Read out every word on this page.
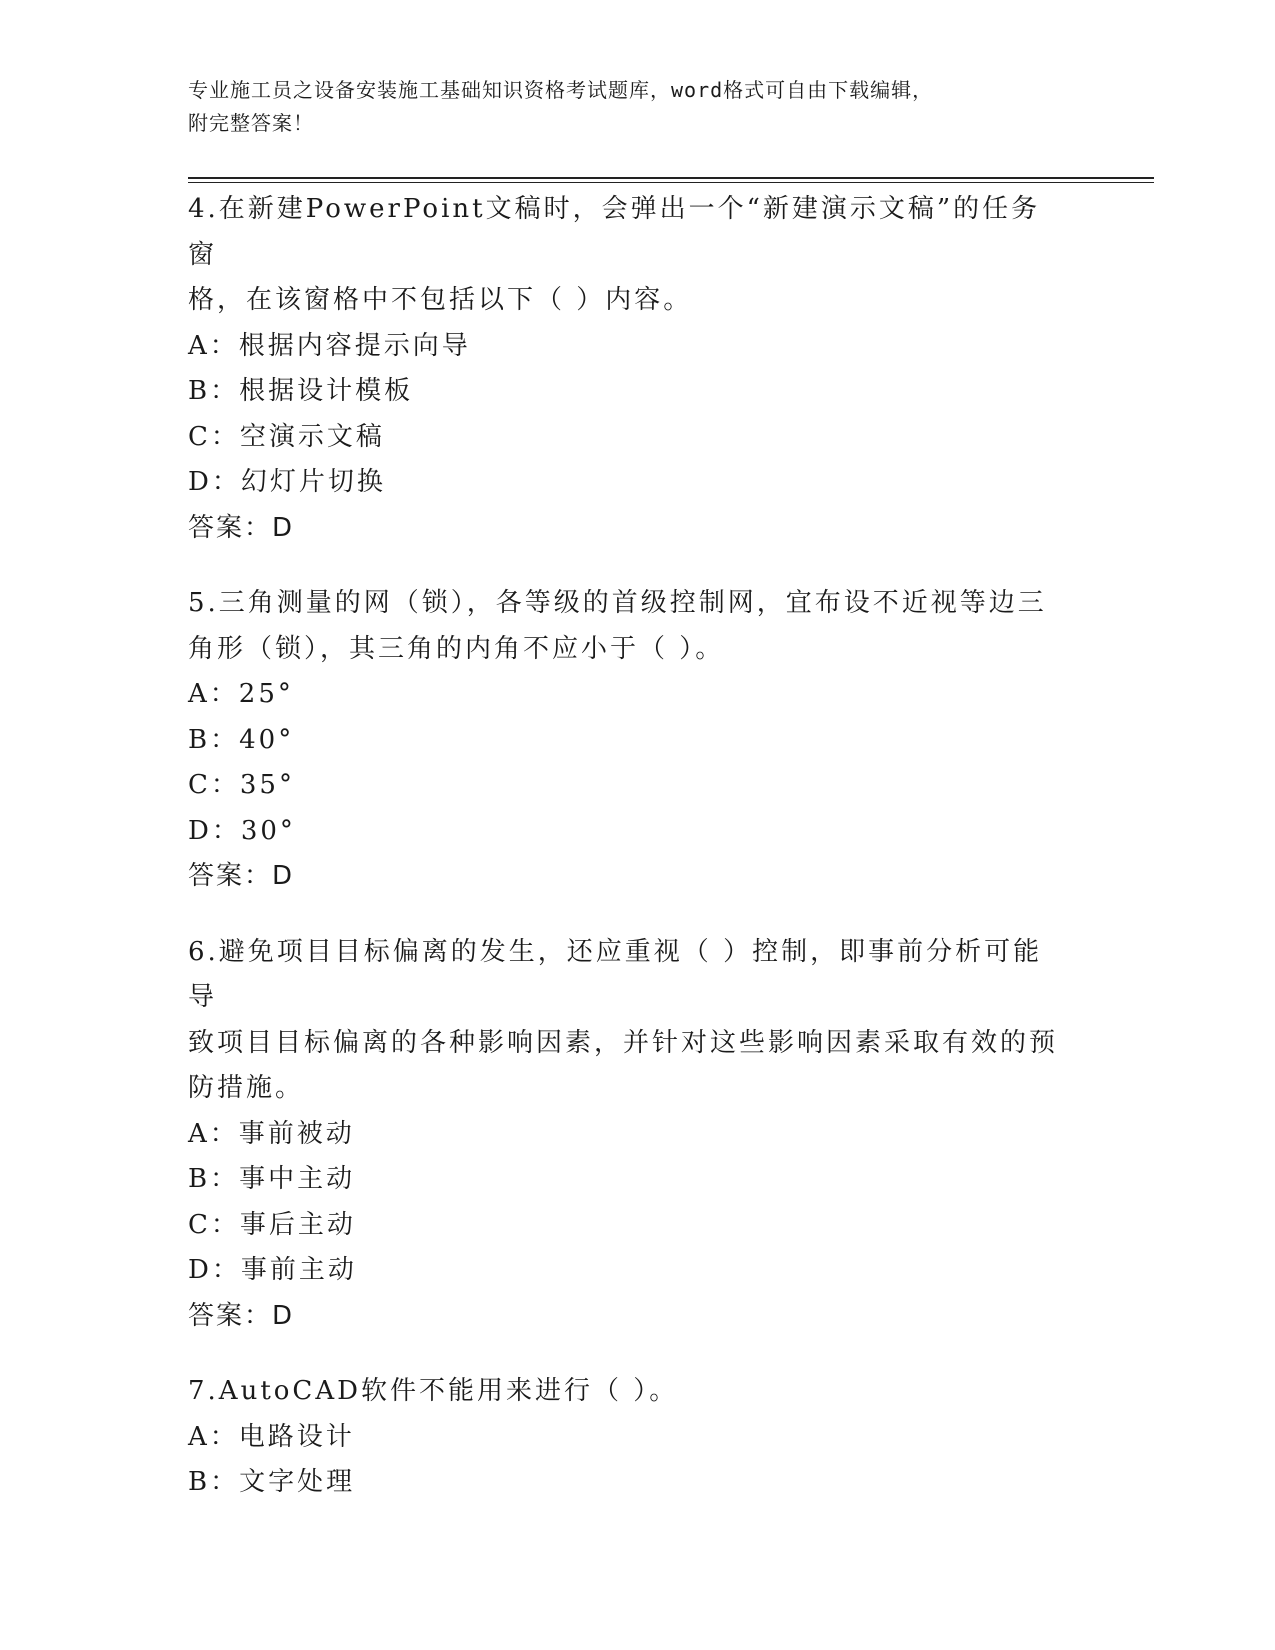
专业施工员之设备安装施工基础知识资格考试题库，word格式可自由下载编辑，
附完整答案！

4.在新建PowerPoint文稿时，会弹出一个“新建演示文稿”的任务窗
格，在该窗格中不包括以下（ ）内容。

A：根据内容提示向导

B：根据设计模板

C：空演示文稿

D：幻灯片切换

答案：D

5.三角测量的网（锁），各等级的首级控制网，宜布设不近视等边三
角形（锁），其三角的内角不应小于（ ）。

A：25°

B：40°

C：35°

D：30°

答案：D

6.避免项目目标偏离的发生，还应重视（ ）控制，即事前分析可能导
致项目目标偏离的各种影响因素，并针对这些影响因素采取有效的预
防措施。

A：事前被动

B：事中主动

C：事后主动

D：事前主动

答案：D

7.AutoCAD软件不能用来进行（ ）。

A：电路设计

B：文字处理
